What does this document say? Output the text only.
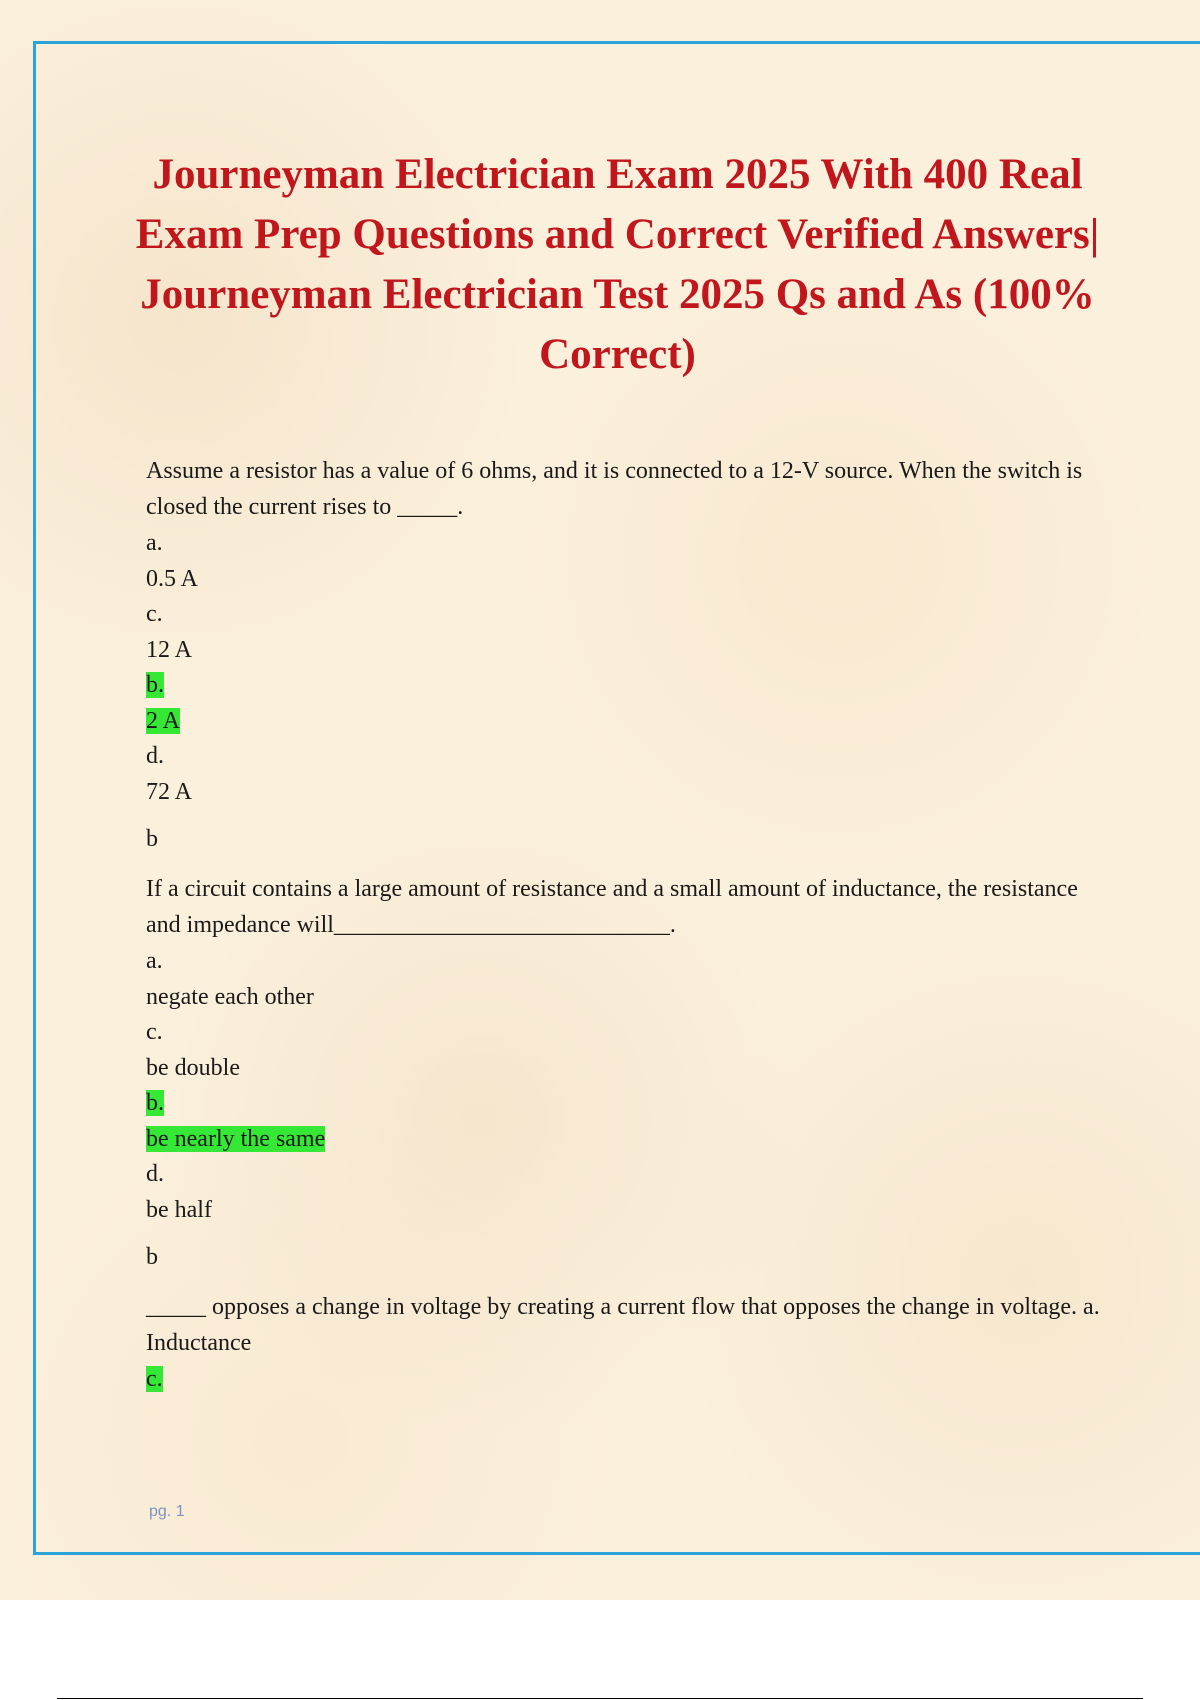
Journeyman Electrician Exam 2025 With 400 Real Exam Prep Questions and Correct Verified Answers| Journeyman Electrician Test 2025 Qs and As (100% Correct)

Assume a resistor has a value of 6 ohms, and it is connected to a 12-V source. When the switch is closed the current rises to _____.

a.
0.5 A
c.
12 A
b.
2 A
d.
72 A

b

If a circuit contains a large amount of resistance and a small amount of inductance, the resistance and impedance will____________________________.

a.
negate each other
c.
be double
b.
be nearly the same
d.
be half

b

_____ opposes a change in voltage by creating a current flow that opposes the change in voltage. a.

Inductance
c.
pg. 1
